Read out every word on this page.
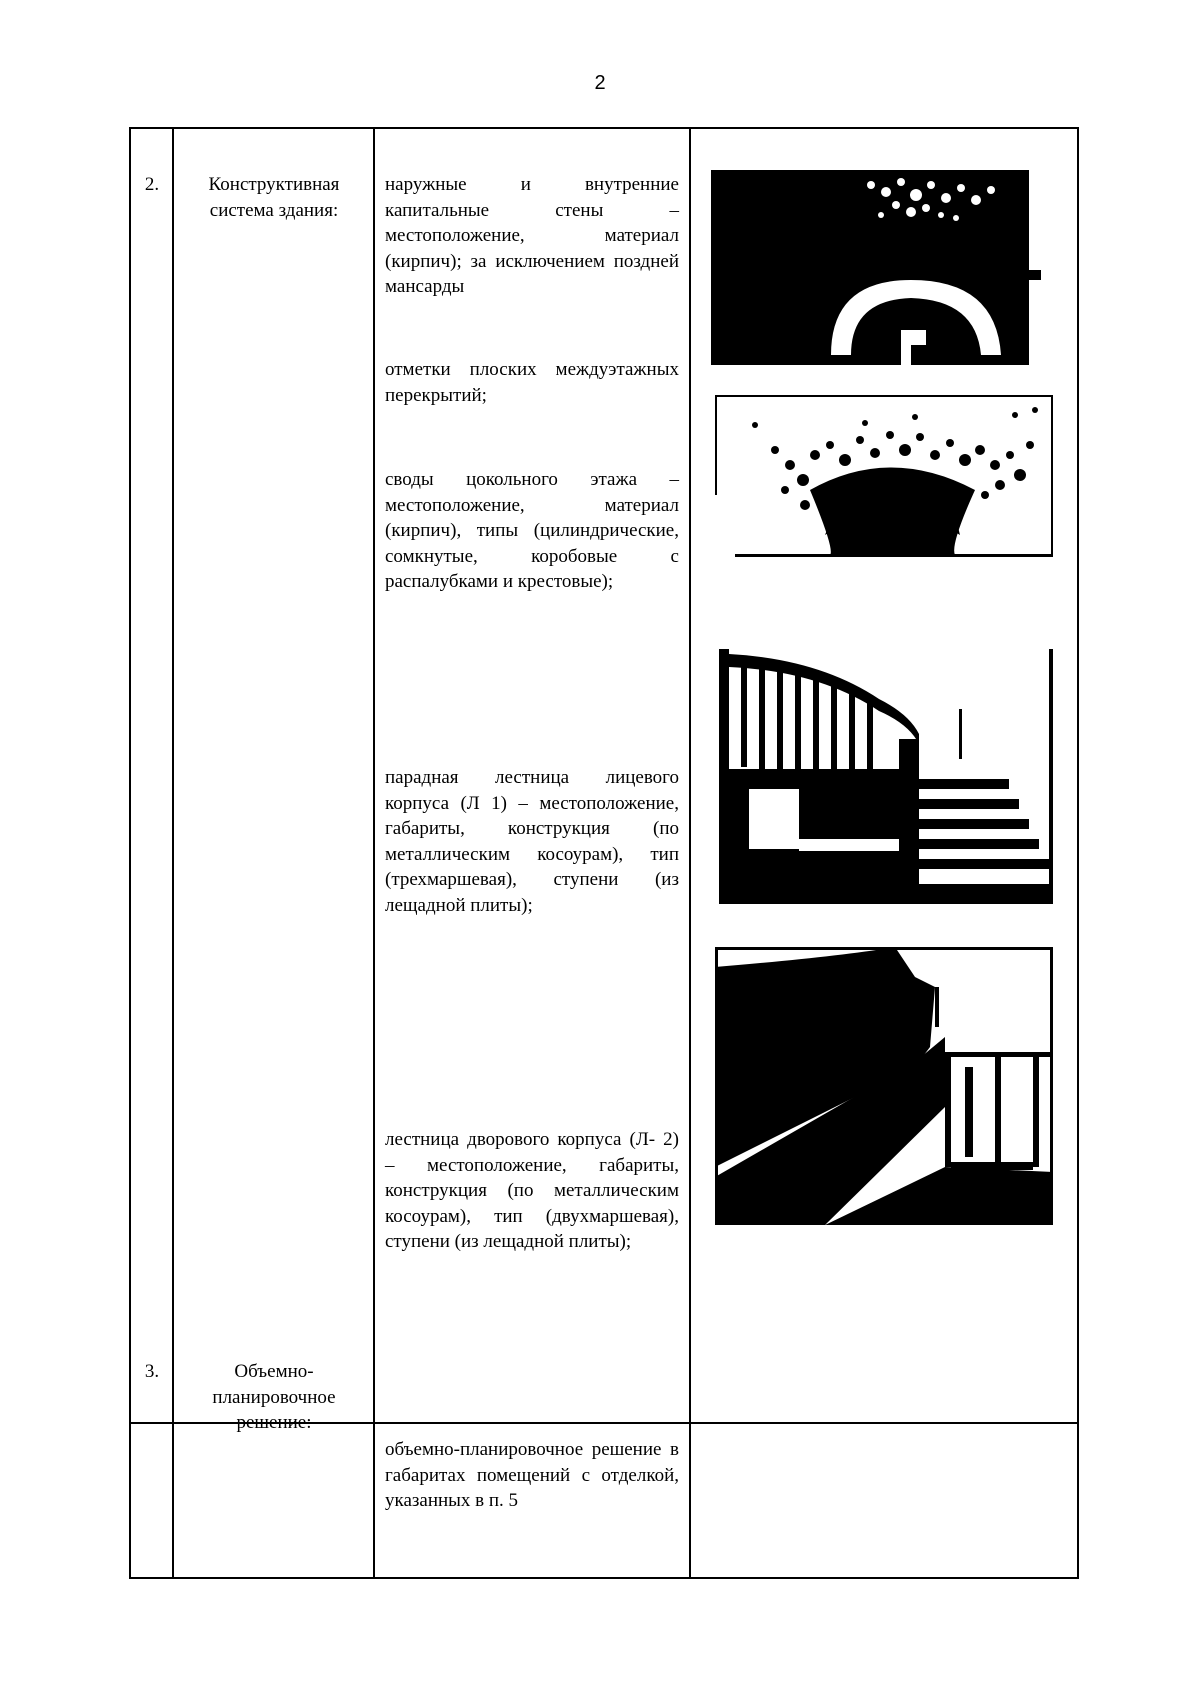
2
2.	Конструктивная система здания:
наружные и внутренние капитальные стены – местоположение, материал (кирпич); за исключением поздней мансарды
отметки плоских междуэтажных перекрытий;
своды цокольного этажа – местоположение, материал (кирпич), типы (цилиндрические, сомкнутые, коробовые с распалубками и крестовые);
парадная лестница лицевого корпуса (Л 1) – местоположение, габариты, конструкция (по металлическим косоурам), тип (трехмаршевая), ступени (из лещадной плиты);
лестница дворового корпуса (Л- 2) – местоположение, габариты, конструкция (по металлическим косоурам), тип (двухмаршевая), ступени (из лещадной плиты);
3.	Объемно-планировочное решение:
объемно-планировочное решение в габаритах помещений с отделкой, указанных в п. 5
